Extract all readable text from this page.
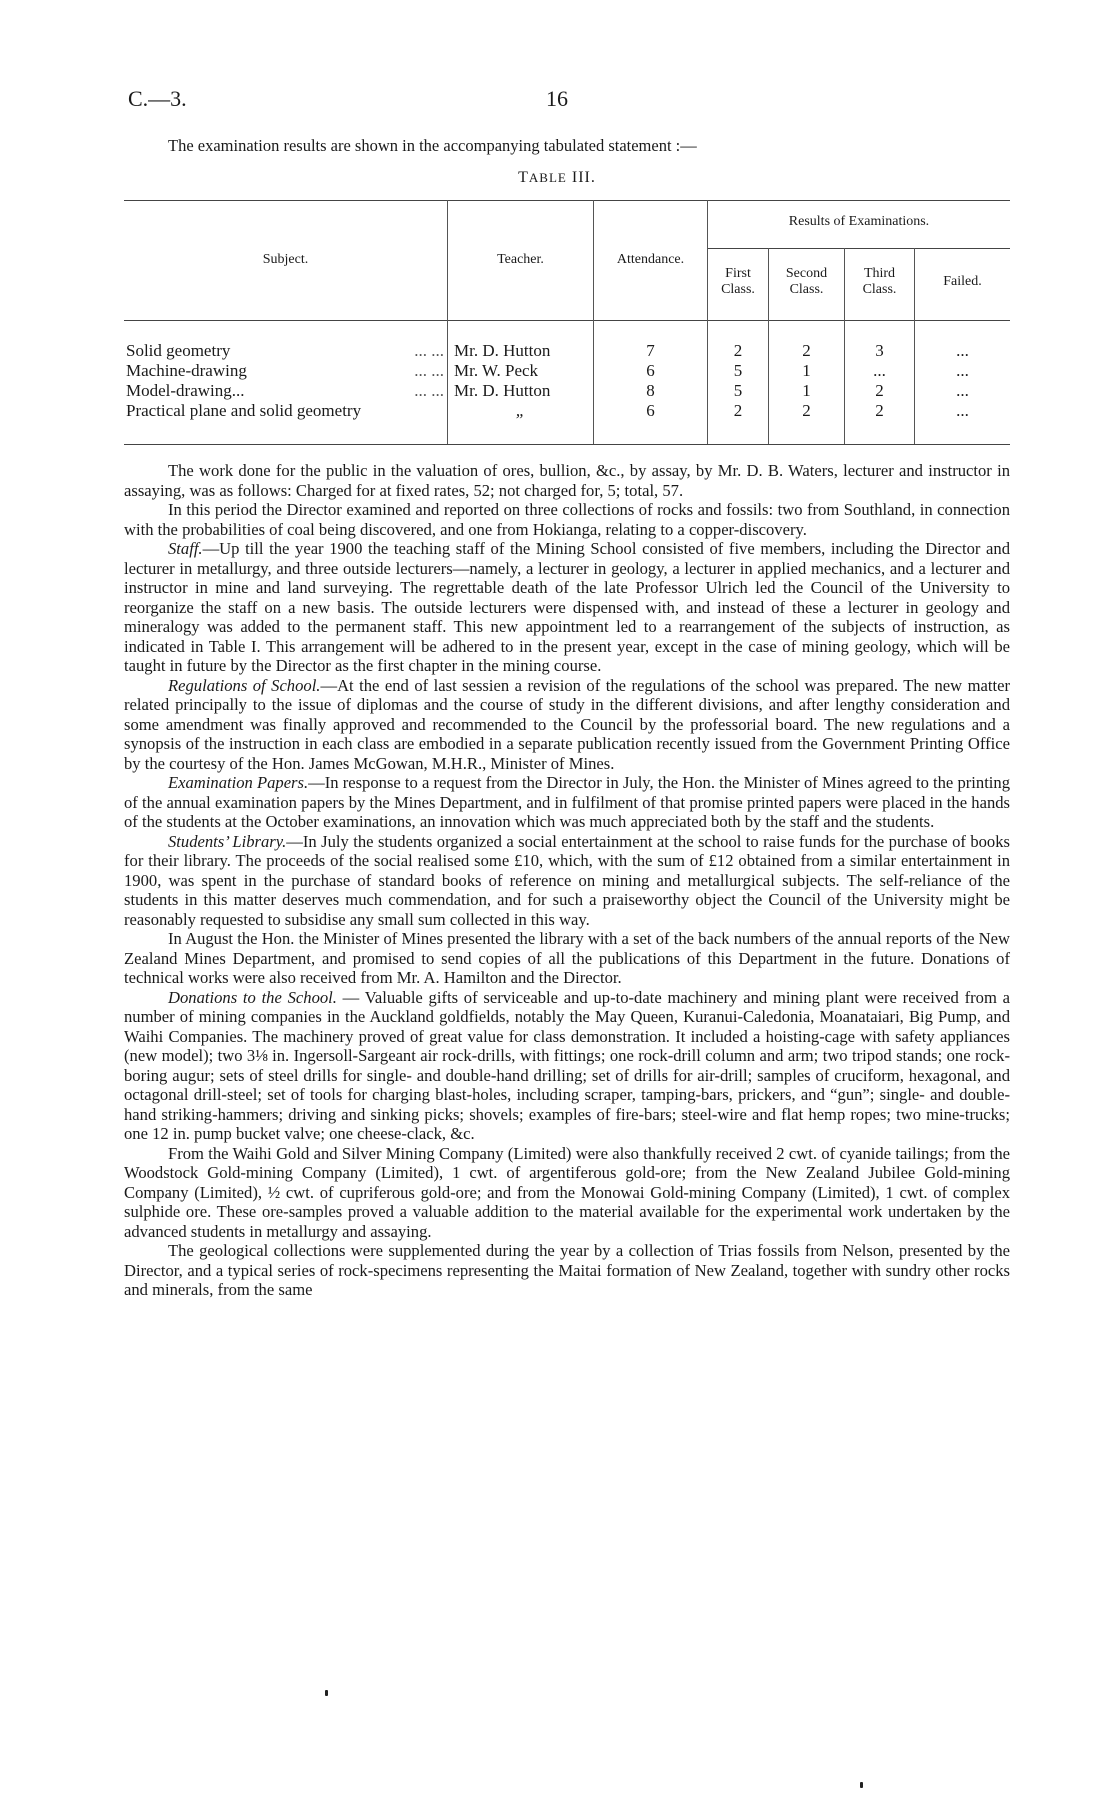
C.—3.	16
The examination results are shown in the accompanying tabulated statement :—
TABLE III.
Subject.	Teacher.	Attendance.
Results of Examinations.
First
Class.
Second
Class.
Third
Class.
Failed.
Solid geometry	... ... Mr. D. Hutton	7	2	2	3	...
Machine-drawing	... ... Mr. W. Peck	6	5	1	...	...
Model-drawing...	... ... Mr. D. Hutton	8	5	1	2	...
Practical plane and solid geometry	„	6	2	2	2	...

The work done for the public in the valuation of ores, bullion, &c., by assay, by Mr. D. B. Waters, lecturer and instructor in assaying, was as follows: Charged for at fixed rates, 52; not charged for, 5; total, 57.

In this period the Director examined and reported on three collections of rocks and fossils: two from Southland, in connection with the probabilities of coal being discovered, and one from Hokianga, relating to a copper-discovery.

Staff.—Up till the year 1900 the teaching staff of the Mining School consisted of five members, including the Director and lecturer in metallurgy, and three outside lecturers—namely, a lecturer in geology, a lecturer in applied mechanics, and a lecturer and instructor in mine and land surveying. The regrettable death of the late Professor Ulrich led the Council of the University to reorganize the staff on a new basis. The outside lecturers were dispensed with, and instead of these a lecturer in geology and mineralogy was added to the permanent staff. This new appointment led to a rearrangement of the subjects of instruction, as indicated in Table I. This arrangement will be adhered to in the present year, except in the case of mining geology, which will be taught in future by the Director as the first chapter in the mining course.

Regulations of School.—At the end of last sessien a revision of the regulations of the school was prepared. The new matter related principally to the issue of diplomas and the course of study in the different divisions, and after lengthy consideration and some amendment was finally approved and recommended to the Council by the professorial board. The new regulations and a synopsis of the instruction in each class are embodied in a separate publication recently issued from the Government Printing Office by the courtesy of the Hon. James McGowan, M.H.R., Minister of Mines.

Examination Papers.—In response to a request from the Director in July, the Hon. the Minister of Mines agreed to the printing of the annual examination papers by the Mines Department, and in fulfilment of that promise printed papers were placed in the hands of the students at the October examinations, an innovation which was much appreciated both by the staff and the students.

Students’ Library.—In July the students organized a social entertainment at the school to raise funds for the purchase of books for their library. The proceeds of the social realised some £10, which, with the sum of £12 obtained from a similar entertainment in 1900, was spent in the purchase of standard books of reference on mining and metallurgical subjects. The self-reliance of the students in this matter deserves much commendation, and for such a praiseworthy object the Council of the University might be reasonably requested to subsidise any small sum collected in this way.

In August the Hon. the Minister of Mines presented the library with a set of the back numbers of the annual reports of the New Zealand Mines Department, and promised to send copies of all the publications of this Department in the future. Donations of technical works were also received from Mr. A. Hamilton and the Director.

Donations to the School. — Valuable gifts of serviceable and up-to-date machinery and mining plant were received from a number of mining companies in the Auckland goldfields, notably the May Queen, Kuranui-Caledonia, Moanataiari, Big Pump, and Waihi Companies. The machinery proved of great value for class demonstration. It included a hoisting-cage with safety appliances (new model); two 3⅛ in. Ingersoll-Sargeant air rock-drills, with fittings; one rock-drill column and arm; two tripod stands; one rock-boring augur; sets of steel drills for single- and double-hand drilling; set of drills for air-drill; samples of cruciform, hexagonal, and octagonal drill-steel; set of tools for charging blast-holes, including scraper, tamping-bars, prickers, and “gun”; single- and double-hand striking-hammers; driving and sinking picks; shovels; examples of fire-bars; steel-wire and flat hemp ropes; two mine-trucks; one 12 in. pump bucket valve; one cheese-clack, &c.

From the Waihi Gold and Silver Mining Company (Limited) were also thankfully received 2 cwt. of cyanide tailings; from the Woodstock Gold-mining Company (Limited), 1 cwt. of argentiferous gold-ore; from the New Zealand Jubilee Gold-mining Company (Limited), ½ cwt. of cupriferous gold-ore; and from the Monowai Gold-mining Company (Limited), 1 cwt. of complex sulphide ore. These ore-samples proved a valuable addition to the material available for the experimental work undertaken by the advanced students in metallurgy and assaying.

The geological collections were supplemented during the year by a collection of Trias fossils from Nelson, presented by the Director, and a typical series of rock-specimens representing the Maitai formation of New Zealand, together with sundry other rocks and minerals, from the same
